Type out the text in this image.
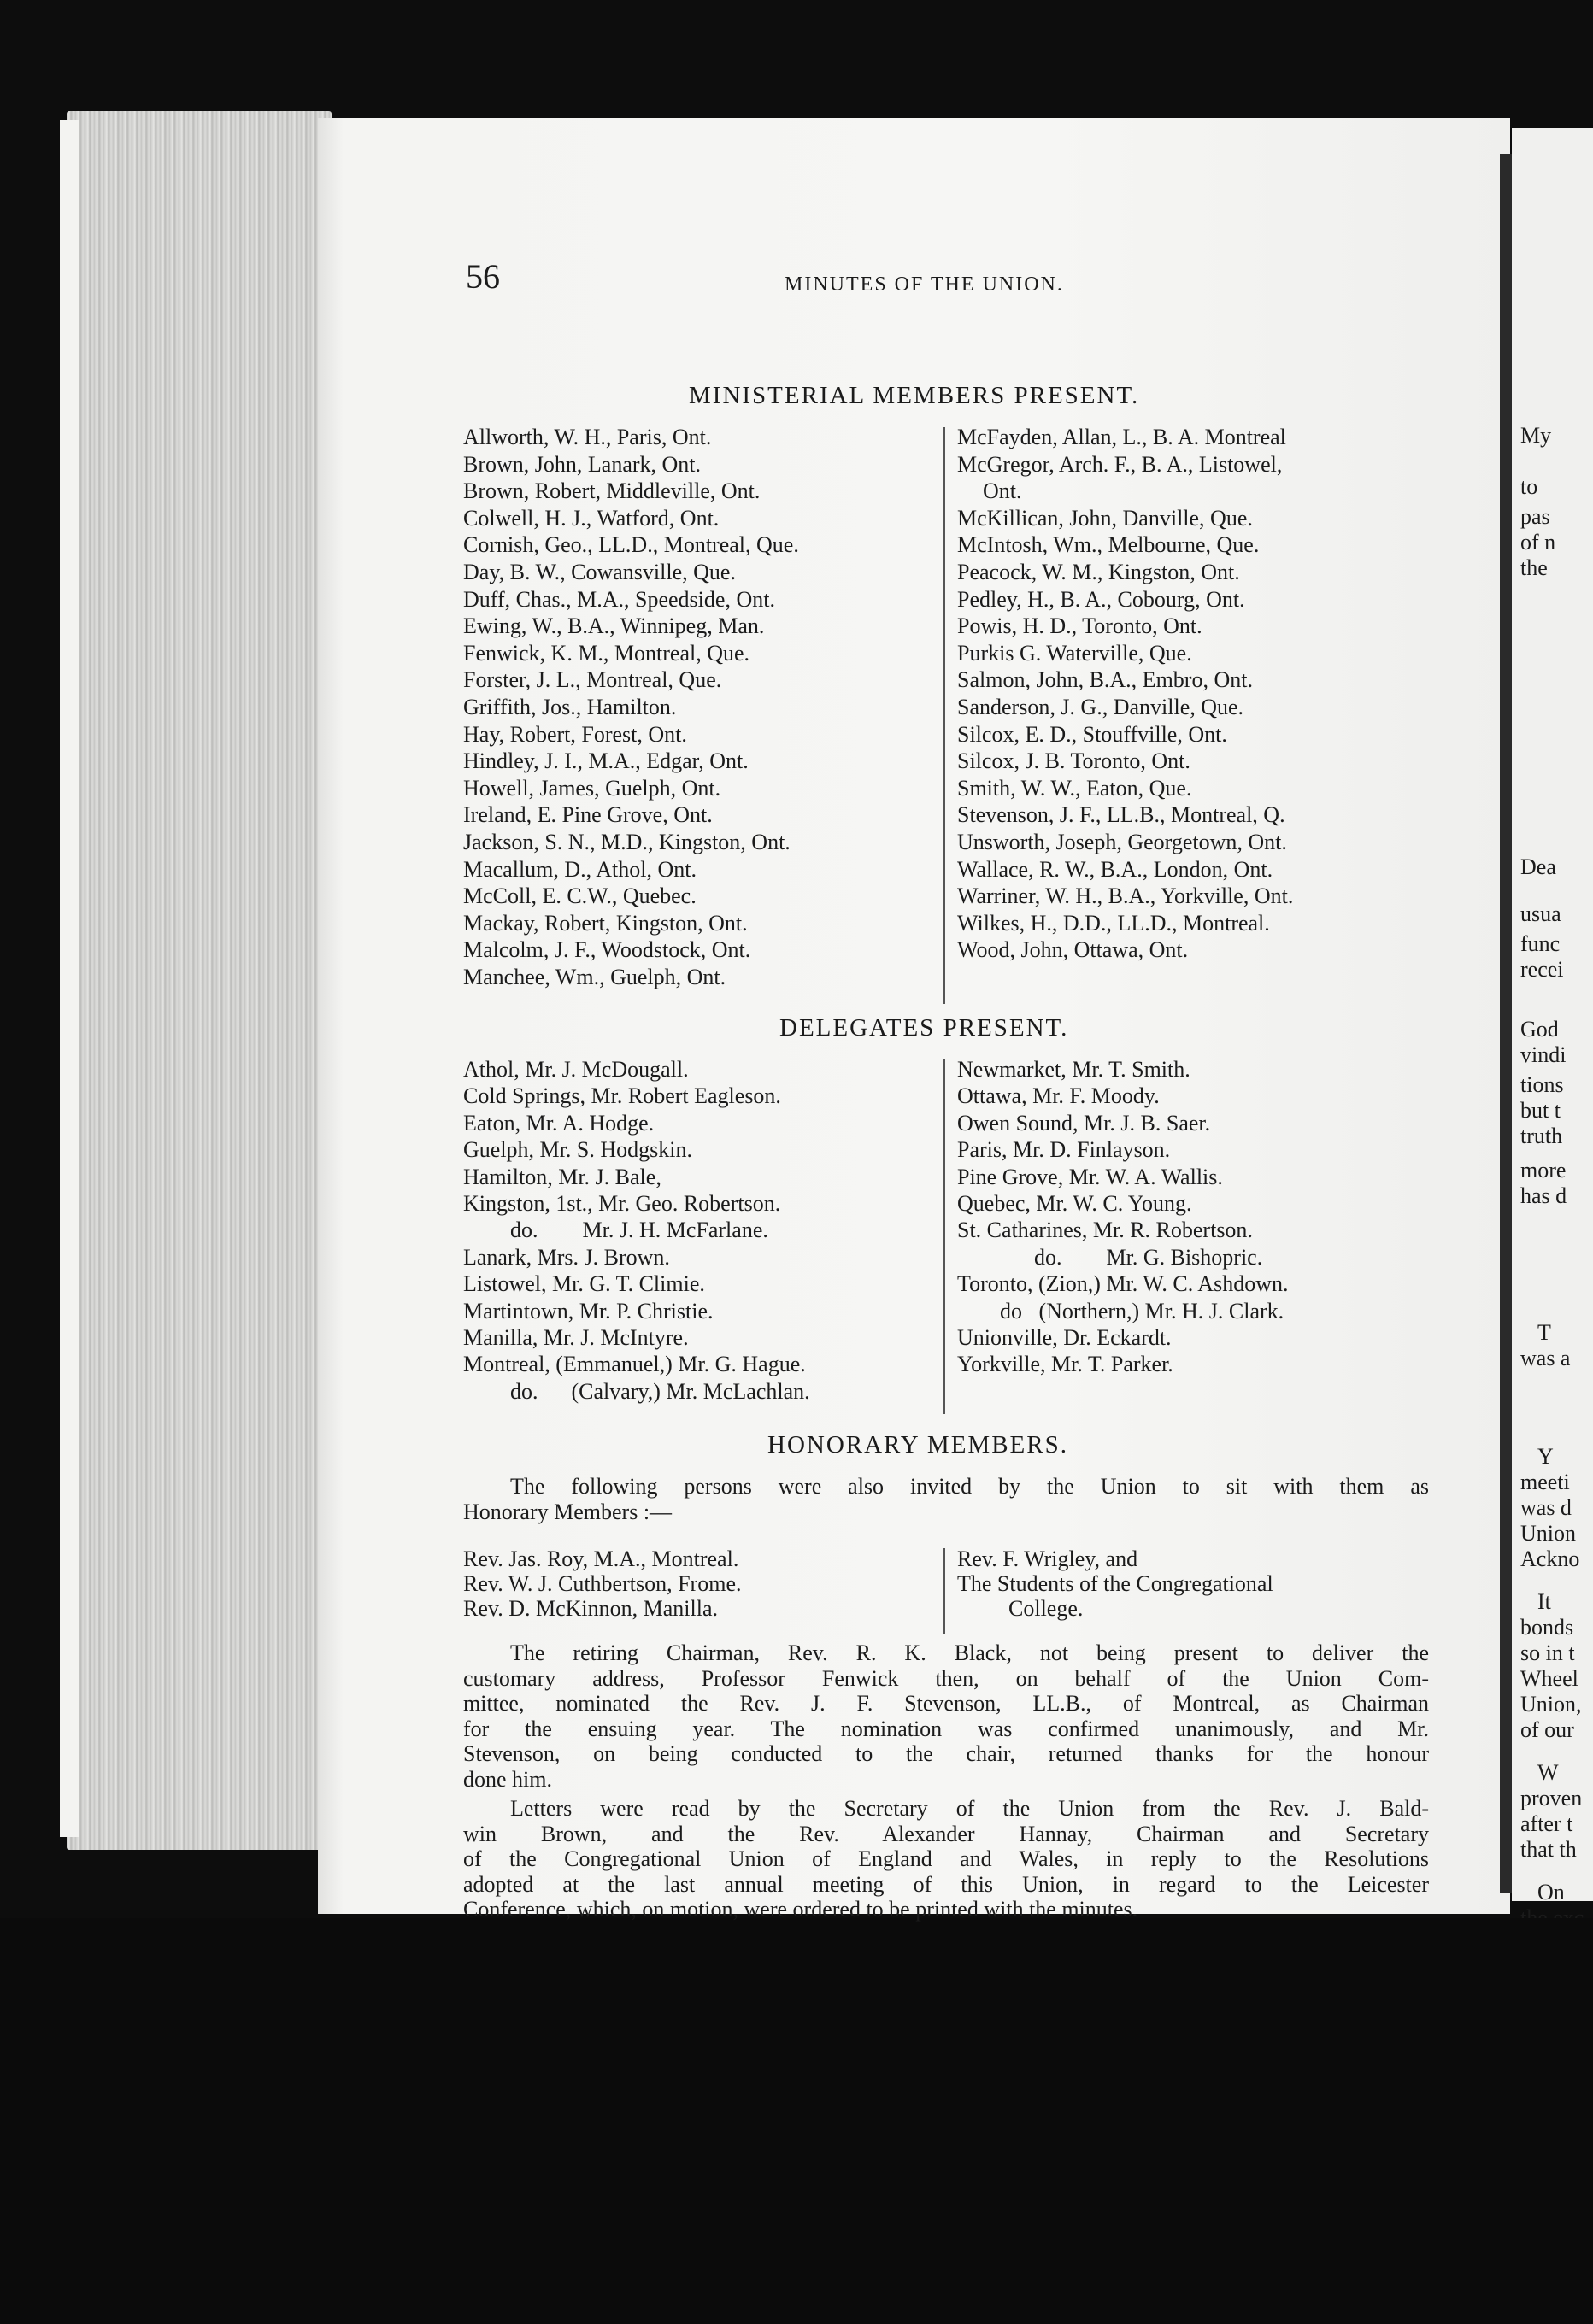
My
to
pas
of n
the
Dea
usua
func
recei
God
vindi
tions
but t
truth
more
has d
T
was a
Y
meeti
was d
Union
Ackno
It
bonds
so in t
Wheel
Union,
of our
W
proven
after t
that th
On
56	MINUTES OF THE UNION.
MINISTERIAL MEMBERS PRESENT.
Allworth, W. H., Paris, Ont.
Brown, John, Lanark, Ont.
Brown, Robert, Middleville, Ont.
Colwell, H. J., Watford, Ont.
Cornish, Geo., LL.D., Montreal, Que.
Day, B. W., Cowansville, Que.
Duff, Chas., M.A., Speedside, Ont.
Ewing, W., B.A., Winnipeg, Man.
Fenwick, K. M., Montreal, Que.
Forster, J. L., Montreal, Que.
Griffith, Jos., Hamilton.
Hay, Robert, Forest, Ont.
Hindley, J. I., M.A., Edgar, Ont.
Howell, James, Guelph, Ont.
Ireland, E. Pine Grove, Ont.
Jackson, S. N., M.D., Kingston, Ont.
Macallum, D., Athol, Ont.
McColl, E. C.W., Quebec.
Mackay, Robert, Kingston, Ont.
Malcolm, J. F., Woodstock, Ont.
Manchee, Wm., Guelph, Ont.
McFayden, Allan, L., B. A. Montreal
McGregor, Arch. F., B. A., Listowel,
Ont.
McKillican, John, Danville, Que.
McIntosh, Wm., Melbourne, Que.
Peacock, W. M., Kingston, Ont.
Pedley, H., B. A., Cobourg, Ont.
Powis, H. D., Toronto, Ont.
Purkis G. Waterville, Que.
Salmon, John, B.A., Embro, Ont.
Sanderson, J. G., Danville, Que.
Silcox, E. D., Stouffville, Ont.
Silcox, J. B. Toronto, Ont.
Smith, W. W., Eaton, Que.
Stevenson, J. F., LL.B., Montreal, Q.
Unsworth, Joseph, Georgetown, Ont.
Wallace, R. W., B.A., London, Ont.
Warriner, W. H., B.A., Yorkville, Ont.
Wilkes, H., D.D., LL.D., Montreal.
Wood, John, Ottawa, Ont.
DELEGATES PRESENT.
Athol, Mr. J. McDougall.
Cold Springs, Mr. Robert Eagleson.
Eaton, Mr. A. Hodge.
Guelph, Mr. S. Hodgskin.
Hamilton, Mr. J. Bale,
Kingston, 1st., Mr. Geo. Robertson.
do.        Mr. J. H. McFarlane.
Lanark, Mrs. J. Brown.
Listowel, Mr. G. T. Climie.
Martintown, Mr. P. Christie.
Manilla, Mr. J. McIntyre.
Montreal, (Emmanuel,) Mr. G. Hague.
do.      (Calvary,) Mr. McLachlan.
Newmarket, Mr. T. Smith.
Ottawa, Mr. F. Moody.
Owen Sound, Mr. J. B. Saer.
Paris, Mr. D. Finlayson.
Pine Grove, Mr. W. A. Wallis.
Quebec, Mr. W. C. Young.
St. Catharines, Mr. R. Robertson.
do.        Mr. G. Bishopric.
Toronto, (Zion,) Mr. W. C. Ashdown.
do   (Northern,) Mr. H. J. Clark.
Unionville, Dr. Eckardt.
Yorkville, Mr. T. Parker.
HONORARY MEMBERS.
The following persons were also invited by the Union to sit with them as
Honorary Members :—
Rev. Jas. Roy, M.A., Montreal.
Rev. W. J. Cuthbertson, Frome.
Rev. D. McKinnon, Manilla.
Rev. F. Wrigley, and
The Students of the Congregational
College.
The retiring Chairman, Rev. R. K. Black, not being present to deliver the
customary address, Professor Fenwick then, on behalf of the Union Com-
mittee, nominated the Rev. J. F. Stevenson, LL.B., of Montreal, as Chairman
for the ensuing year. The nomination was confirmed unanimously, and Mr.
Stevenson, on being conducted to the chair, returned thanks for the honour
done him.
Letters were read by the Secretary of the Union from the Rev. J. Bald-
win Brown, and the Rev. Alexander Hannay, Chairman and Secretary
of the Congregational Union of England and Wales, in reply to the Resolutions
adopted at the last annual meeting of this Union, in regard to the Leicester
Conference, which, on motion, were ordered to be printed with the minutes.
